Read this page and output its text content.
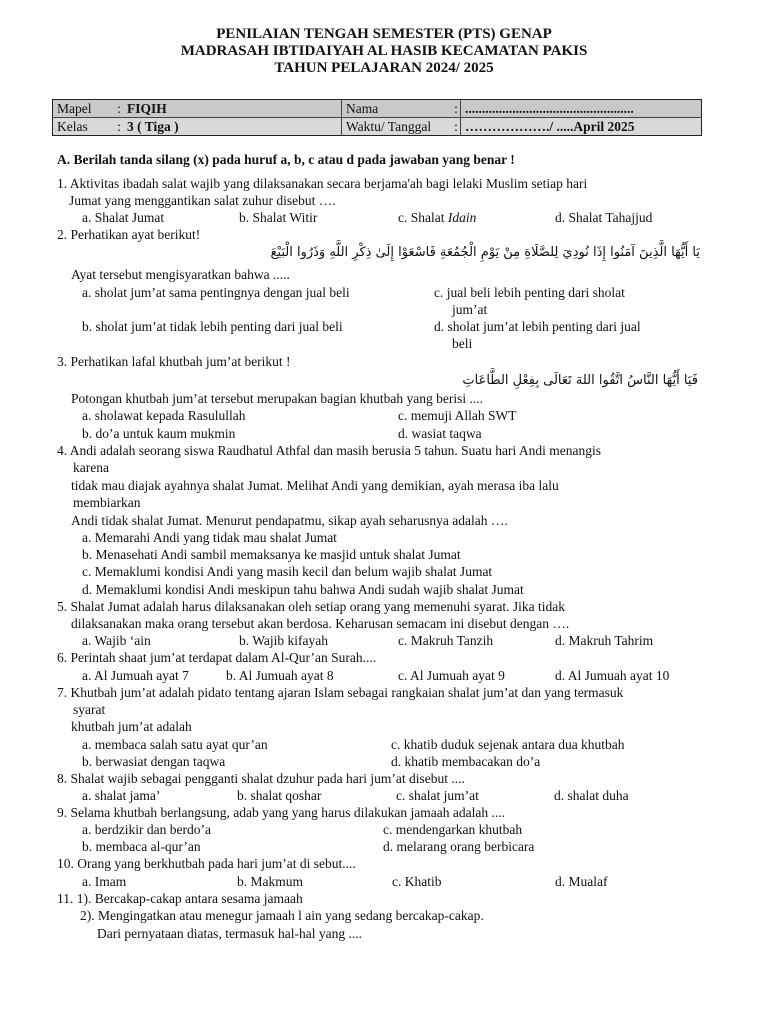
PENILAIAN TENGAH SEMESTER (PTS) GENAP
MADRASAH IBTIDAIYAH AL HASIB KECAMATAN PAKIS
TAHUN PELAJARAN 2024/ 2025
Mapel	:	FIQIH	Nama	:	..................................................
Kelas	:	3 ( Tiga )	Waktu/ Tanggal	:	………………./ .....April 2025
A. Berilah tanda silang (x) pada huruf a, b, c atau d pada jawaban yang benar !
1. Aktivitas ibadah salat wajib yang dilaksanakan secara berjama'ah bagi lelaki Muslim setiap hari
Jumat yang menggantikan salat zuhur disebut ….
a. Shalat Jumat	b. Shalat Witir	c. Shalat Idain	d. Shalat Tahajjud
2. Perhatikan ayat berikut!
يَا أَيُّهَا الَّذِينَ آمَنُوا إِذَا نُودِيَ لِلصَّلَاةِ مِنْ يَوْمِ الْجُمُعَةِ فَاسْعَوْا إِلَىٰ ذِكْرِ اللَّهِ وَذَرُوا الْبَيْعَ
Ayat tersebut mengisyaratkan bahwa .....
a. sholat jum’at sama pentingnya dengan jual beli	c. jual beli lebih penting dari sholat
jum’at
b. sholat jum’at tidak lebih penting dari jual beli	d. sholat jum’at lebih penting dari jual
beli
3. Perhatikan lafal khutbah jum’at berikut !
فَيَا أَيُّهَا النَّاسُ اتَّقُوا اللهَ تَعَالَى بِفِعْلِ الطَّاعَاتِ
Potongan khutbah jum’at tersebut merupakan bagian khutbah yang berisi ....
a. sholawat kepada Rasulullah	c. memuji Allah SWT
b. do’a untuk kaum mukmin	d. wasiat taqwa
4. Andi adalah seorang siswa Raudhatul Athfal dan masih berusia 5 tahun. Suatu hari Andi menangis
karena
tidak mau diajak ayahnya shalat Jumat. Melihat Andi yang demikian, ayah merasa iba lalu
membiarkan
Andi tidak shalat Jumat. Menurut pendapatmu, sikap ayah seharusnya adalah ….
a. Memarahi Andi yang tidak mau shalat Jumat
b. Menasehati Andi sambil memaksanya ke masjid untuk shalat Jumat
c. Memaklumi kondisi Andi yang masih kecil dan belum wajib shalat Jumat
d. Memaklumi kondisi Andi meskipun tahu bahwa Andi sudah wajib shalat Jumat
5. Shalat Jumat adalah harus dilaksanakan oleh setiap orang yang memenuhi syarat. Jika tidak
dilaksanakan maka orang tersebut akan berdosa. Keharusan semacam ini disebut dengan ….
a. Wajib ‘ain	b. Wajib kifayah	c. Makruh Tanzih	d. Makruh Tahrim
6. Perintah shaat jum’at terdapat dalam Al-Qur’an Surah....
a. Al Jumuah ayat 7	b. Al Jumuah ayat 8	c. Al Jumuah ayat 9	d. Al Jumuah ayat 10
7. Khutbah jum’at adalah pidato tentang ajaran Islam sebagai rangkaian shalat jum’at dan yang termasuk
syarat
khutbah jum’at adalah
a. membaca salah satu ayat qur’an	c. khatib duduk sejenak antara dua khutbah
b. berwasiat dengan taqwa	d. khatib membacakan do’a
8. Shalat wajib sebagai pengganti shalat dzuhur pada hari jum’at disebut ....
a. shalat jama’	b. shalat qoshar	c. shalat jum’at	d. shalat duha
9. Selama khutbah berlangsung, adab yang yang harus dilakukan jamaah adalah ....
a. berdzikir dan berdo’a	c. mendengarkan khutbah
b. membaca al-qur’an	d. melarang orang berbicara
10. Orang yang berkhutbah pada hari jum’at di sebut....
a. Imam	b. Makmum	c. Khatib	d. Mualaf
11. 1). Bercakap-cakap antara sesama jamaah
2). Mengingatkan atau menegur jamaah l ain yang sedang bercakap-cakap.
Dari pernyataan diatas, termasuk hal-hal yang ....
